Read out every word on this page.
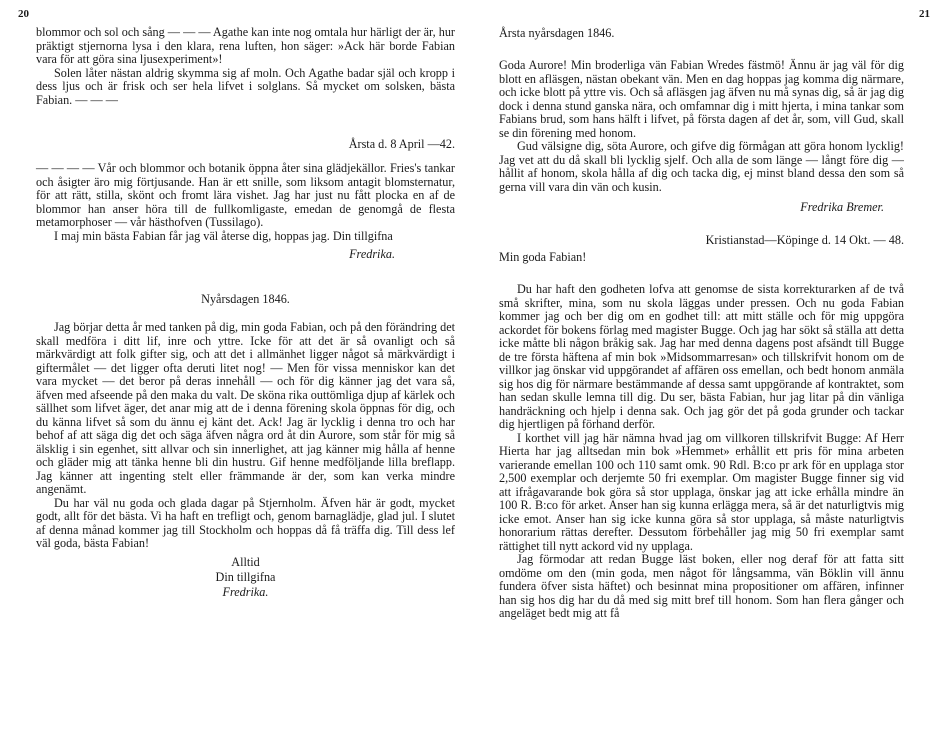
20

blommor och sol och sång — — — Agathe kan inte nog omtala hur härligt der är, hur präktigt stjernorna lysa i den klara, rena luften, hon säger: »Ack här borde Fabian vara för att göra sina ljusexperiment»!

Solen låter nästan aldrig skymma sig af moln. Och Agathe badar själ och kropp i dess ljus och är frisk och ser hela lifvet i solglans. Så mycket om solsken, bästa Fabian. — — —

Årsta d. 8 April —42.

— — — — Vår och blommor och botanik öppna åter sina glädjekällor. Fries's tankar och åsigter äro mig förtjusande. Han är ett snille, som liksom antagit blomsternatur, för att rätt, stilla, skönt och fromt lära vishet. Jag har just nu fått plocka en af de blommor han anser höra till de fullkomligaste, emedan de genomgå de flesta metamorphoser — vår hästhofven (Tussilago).

I maj min bästa Fabian får jag väl återse dig, hoppas jag. Din tillgifna

Fredrika.

Nyårsdagen 1846.

Jag börjar detta år med tanken på dig, min goda Fabian, och på den förändring det skall medföra i ditt lif, inre och yttre. Icke för att det är så ovanligt och så märkvärdigt att folk gifter sig, och att det i allmänhet ligger något så märkvärdigt i giftermålet — det ligger ofta deruti litet nog! — Men för vissa menniskor kan det vara mycket — det beror på deras innehåll — och för dig känner jag det vara så, äfven med afseende på den maka du valt. De sköna rika outtömliga djup af kärlek och sällhet som lifvet äger, det anar mig att de i denna förening skola öppnas för dig, och du känna lifvet så som du ännu ej känt det. Ack! Jag är lycklig i denna tro och har behof af att säga dig det och säga äfven några ord åt din Aurore, som står för mig så älsklig i sin egenhet, sitt allvar och sin innerlighet, att jag känner mig hålla af henne och gläder mig att tänka henne bli din hustru. Gif henne medföljande lilla breflapp. Jag känner att ingenting stelt eller främmande är der, som kan verka mindre angenämt.

Du har väl nu goda och glada dagar på Stjernholm. Äfven här är godt, mycket godt, allt för det bästa. Vi ha haft en trefligt och, genom barnaglädje, glad jul. I slutet af denna månad kommer jag till Stockholm och hoppas då få träffa dig. Till dess lef väl goda, bästa Fabian!

Alltid
Din tillgifna
Fredrika.
21

Årsta nyårsdagen 1846.

Goda Aurore! Min broderliga vän Fabian Wredes fästmö! Ännu är jag väl för dig blott en afläsgen, nästan obekant vän. Men en dag hoppas jag komma dig närmare, och icke blott på yttre vis. Och så afläsgen jag äfven nu må synas dig, så är jag dig dock i denna stund ganska nära, och omfamnar dig i mitt hjerta, i mina tankar som Fabians brud, som hans hälft i lifvet, på första dagen af det år, som, vill Gud, skall se din förening med honom.

Gud välsigne dig, söta Aurore, och gifve dig förmågan att göra honom lycklig! Jag vet att du då skall bli lycklig sjelf. Och alla de som länge — långt före dig — hållit af honom, skola hålla af dig och tacka dig, ej minst bland dessa den som så gerna vill vara din vän och kusin.

Fredrika Bremer.

Kristianstad—Köpinge d. 14 Okt. — 48.

Min goda Fabian!

Du har haft den godheten lofva att genomse de sista korrekturarken af de två små skrifter, mina, som nu skola läggas under pressen. Och nu goda Fabian kommer jag och ber dig om en godhet till: att mitt ställe och för mig uppgöra ackordet för bokens förlag med magister Bugge. Och jag har sökt så ställa att detta icke måtte bli någon bråkig sak. Jag har med denna dagens post afsändt till Bugge de tre första häftena af min bok »Midsommarresan» och tillskrifvit honom om de villkor jag önskar vid uppgörandet af affären oss emellan, och bedt honom anmäla sig hos dig för närmare bestämmande af dessa samt uppgörande af kontraktet, som han sedan skulle lemna till dig. Du ser, bästa Fabian, hur jag litar på din vänliga handräckning och hjelp i denna sak. Och jag gör det på goda grunder och tackar dig hjertligen på förhand derför.

I korthet vill jag här nämna hvad jag om villkoren tillskrifvit Bugge: Af Herr Hierta har jag alltsedan min bok »Hemmet» erhållit ett pris för mina arbeten varierande emellan 100 och 110 samt omk. 90 Rdl. B:co pr ark för en upplaga stor 2,500 exemplar och derjemte 50 fri exemplar. Om magister Bugge finner sig vid att ifrågavarande bok göra så stor upplaga, önskar jag att icke erhålla mindre än 100 R. B:co för arket. Anser han sig kunna erlägga mera, så är det naturligtvis mig icke emot. Anser han sig icke kunna göra så stor upplaga, så måste naturligtvis honorarium rättas derefter. Dessutom förbehåller jag mig 50 fri exemplar samt rättighet till nytt ackord vid ny upplaga.

Jag förmodar att redan Bugge läst boken, eller nog deraf för att fatta sitt omdöme om den (min goda, men något för långsamma, vän Böklin vill ännu fundera öfver sista häftet) och besinnat mina propositioner om affären, infinner han sig hos dig har du då med sig mitt bref till honom. Som han flera gånger och angeläget bedt mig att få
